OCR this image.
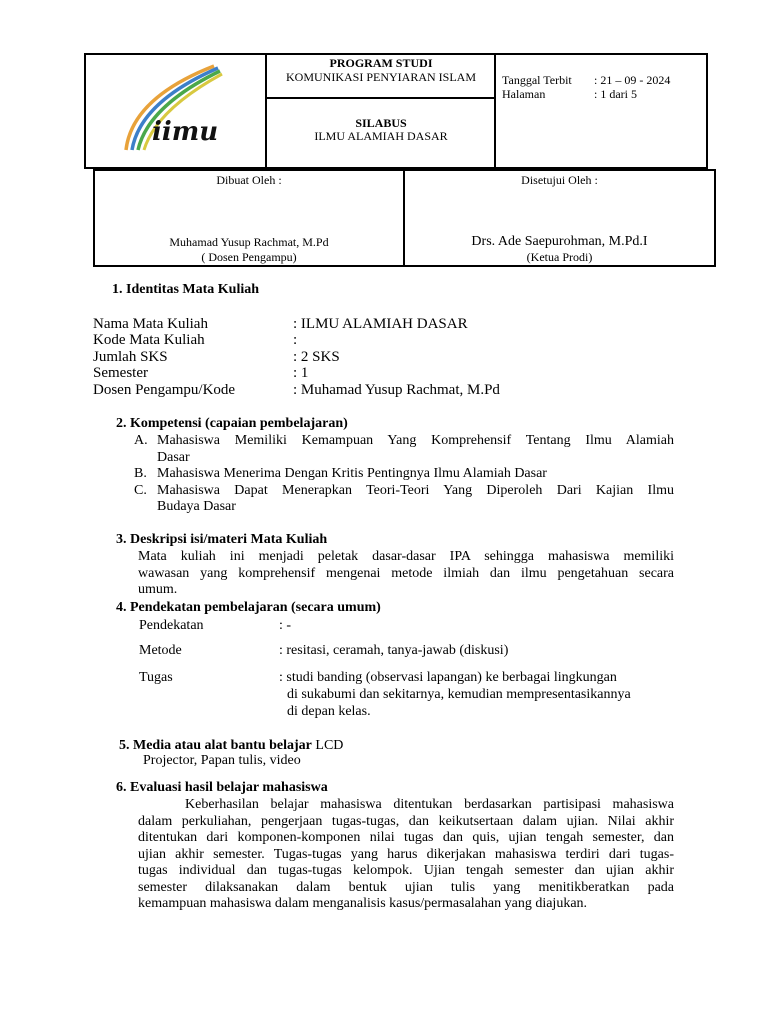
iimu
PROGRAM STUDI
KOMUNIKASI PENYIARAN ISLAM
SILABUS
ILMU ALAMIAH DASAR
Tanggal Terbit : 21 – 09 - 2024
Halaman	: 1 dari 5
Dibuat Oleh :
Muhamad Yusup Rachmat, M.Pd
( Dosen Pengampu)
Disetujui Oleh :
Drs. Ade Saepurohman, M.Pd.I
(Ketua Prodi)
1. Identitas Mata Kuliah
Nama Mata Kuliah	: ILMU ALAMIAH DASAR
Kode Mata Kuliah	:
Jumlah SKS	: 2 SKS
Semester	: 1
Dosen Pengampu/Kode	: Muhamad Yusup Rachmat, M.Pd
2. Kompetensi (capaian pembelajaran)
A. Mahasiswa Memiliki Kemampuan Yang Komprehensif Tentang Ilmu Alamiah
Dasar
B. Mahasiswa Menerima Dengan Kritis Pentingnya Ilmu Alamiah Dasar
C. Mahasiswa Dapat Menerapkan Teori-Teori Yang Diperoleh Dari Kajian Ilmu
Budaya Dasar
3. Deskripsi isi/materi Mata Kuliah
Mata kuliah ini menjadi peletak dasar-dasar IPA sehingga mahasiswa memiliki
wawasan yang komprehensif mengenai metode ilmiah dan ilmu pengetahuan secara
umum.
4. Pendekatan pembelajaran (secara umum)
Pendekatan	: -
Metode	: resitasi, ceramah, tanya-jawab (diskusi)
Tugas	: studi banding (observasi lapangan) ke berbagai lingkungan
di sukabumi dan sekitarnya, kemudian mempresentasikannya
di depan kelas.
5. Media atau alat bantu belajar LCD
Projector, Papan tulis, video
6. Evaluasi hasil belajar mahasiswa
Keberhasilan belajar mahasiswa ditentukan berdasarkan partisipasi mahasiswa
dalam perkuliahan, pengerjaan tugas-tugas, dan keikutsertaan dalam ujian. Nilai akhir
ditentukan dari komponen-komponen nilai tugas dan quis, ujian tengah semester, dan
ujian akhir semester. Tugas-tugas yang harus dikerjakan mahasiswa terdiri dari tugas-
tugas individual dan tugas-tugas kelompok. Ujian tengah semester dan ujian akhir
semester dilaksanakan dalam bentuk ujian tulis yang menitikberatkan pada
kemampuan mahasiswa dalam menganalisis kasus/permasalahan yang diajukan.
